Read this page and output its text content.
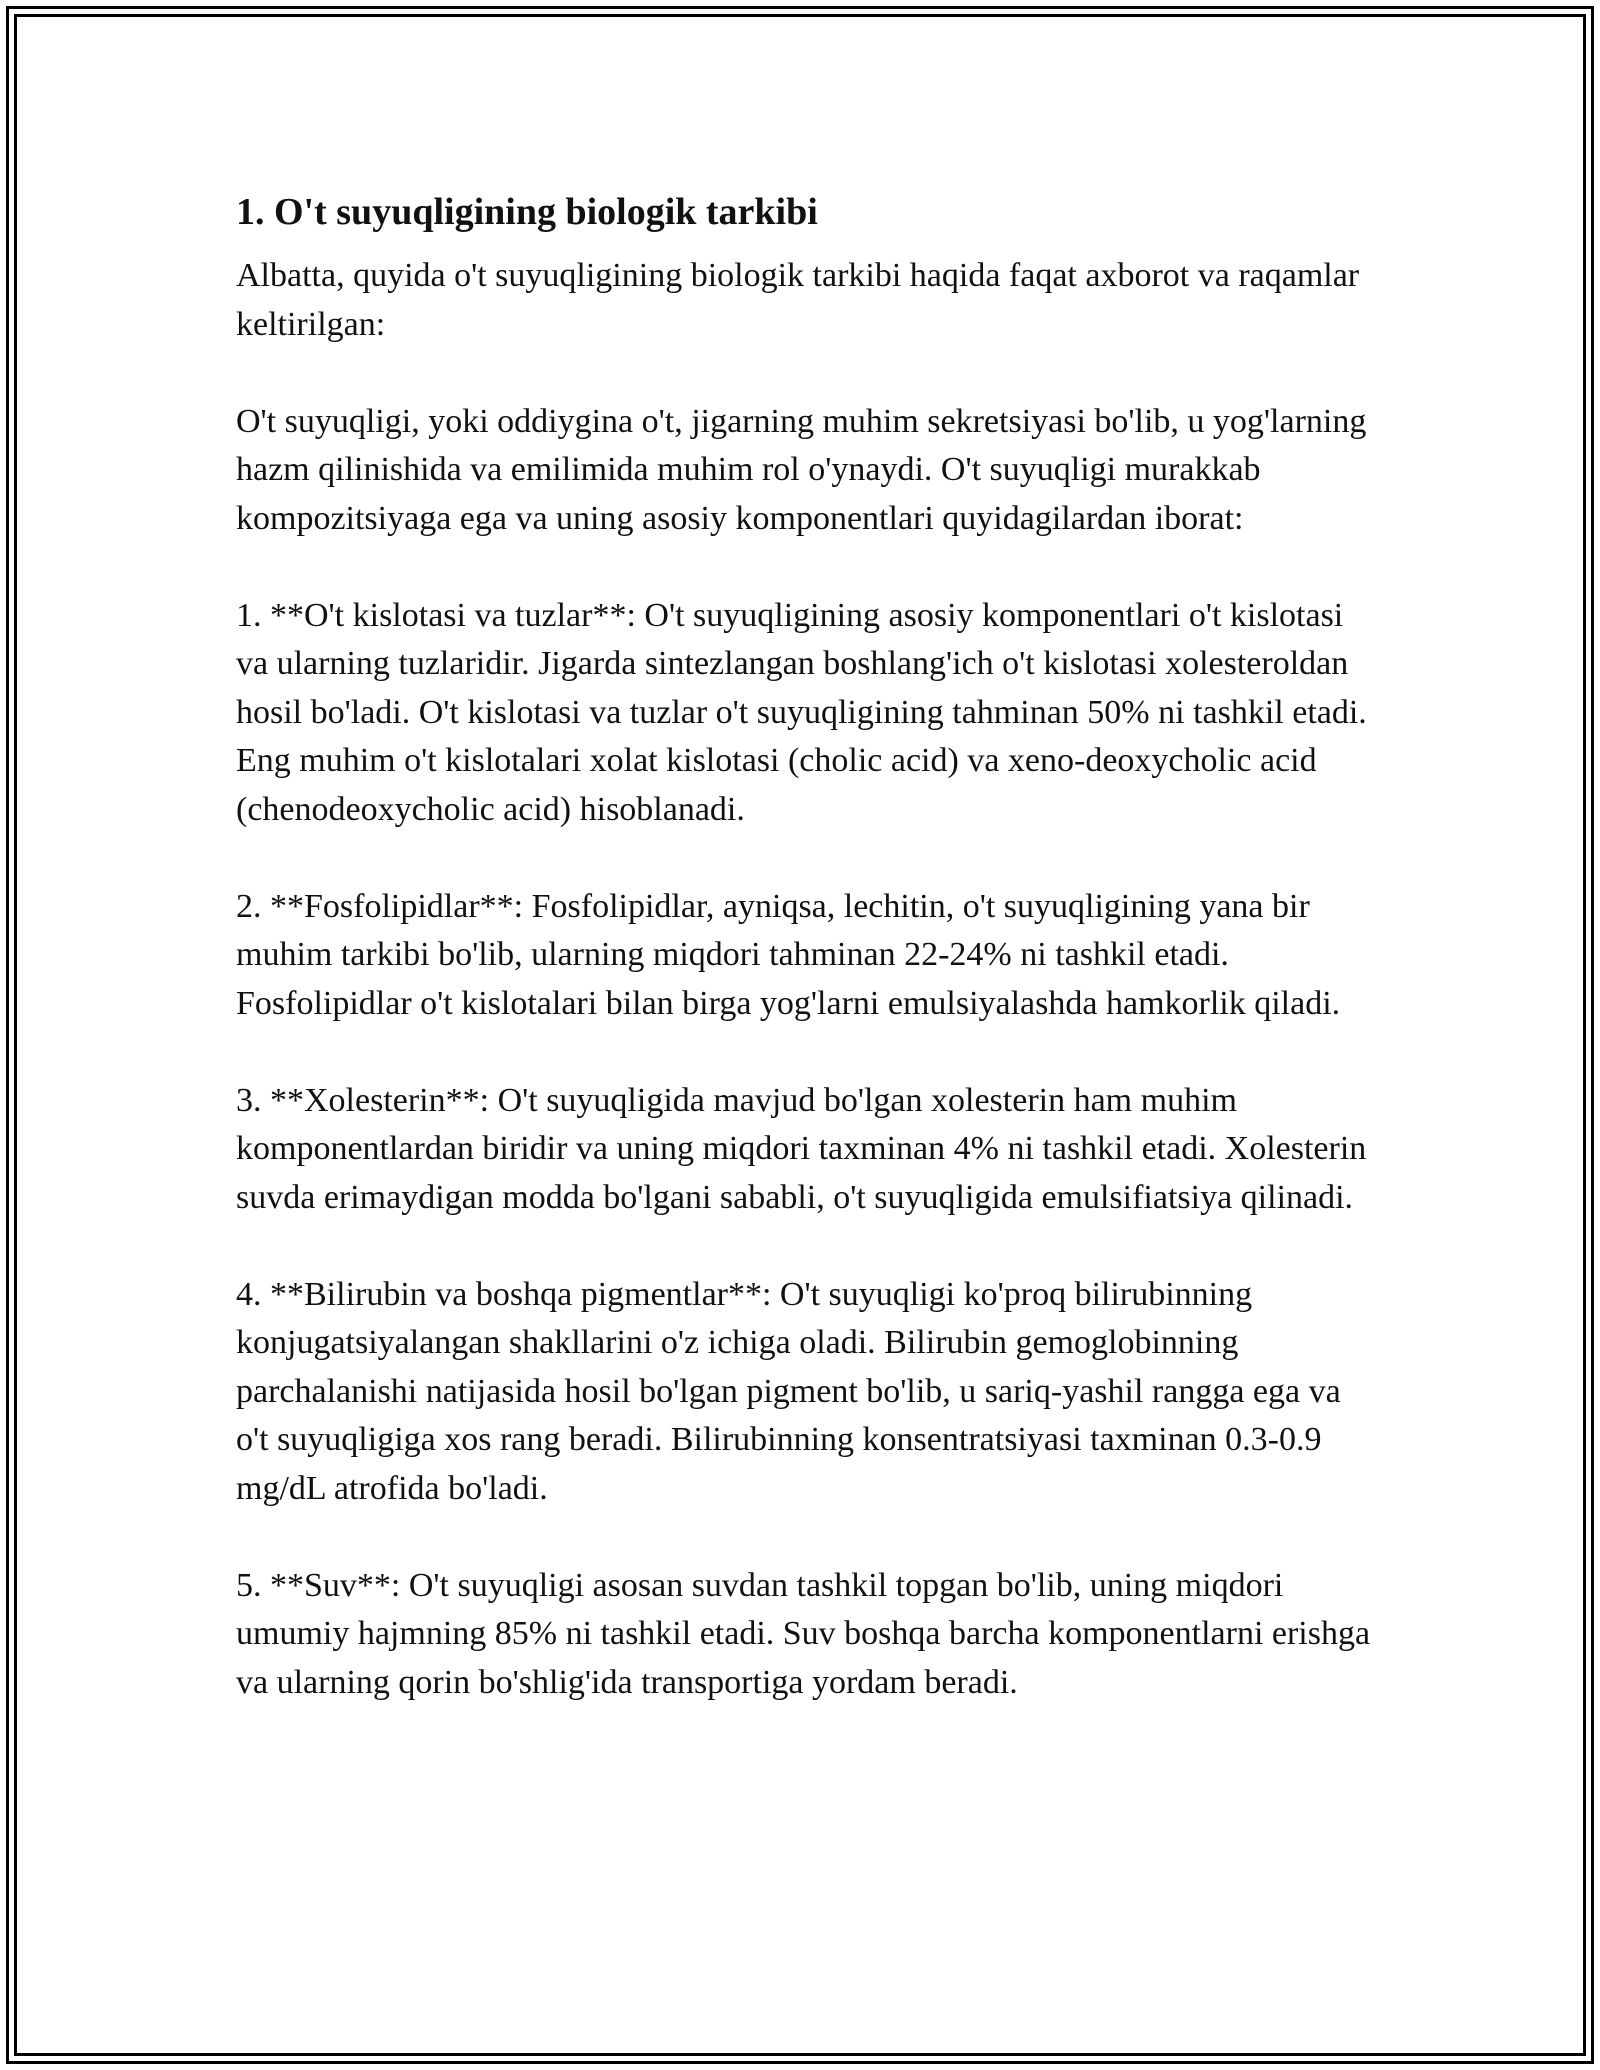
1. O't suyuqligining biologik tarkibi
Albatta, quyida o't suyuqligining biologik tarkibi haqida faqat axborot va raqamlar keltirilgan:
O't suyuqligi, yoki oddiygina o't, jigarning muhim sekretsiyasi bo'lib, u yog'larning hazm qilinishida va emilimida muhim rol o'ynaydi. O't suyuqligi murakkab kompozitsiyaga ega va uning asosiy komponentlari quyidagilardan iborat:
1. **O't kislotasi va tuzlar**: O't suyuqligining asosiy komponentlari o't kislotasi va ularning tuzlaridir. Jigarda sintezlangan boshlang'ich o't kislotasi xolesteroldan hosil bo'ladi. O't kislotasi va tuzlar o't suyuqligining tahminan 50% ni tashkil etadi. Eng muhim o't kislotalari xolat kislotasi (cholic acid) va xeno-deoxycholic acid (chenodeoxycholic acid) hisoblanadi.
2. **Fosfolipidlar**: Fosfolipidlar, ayniqsa, lechitin, o't suyuqligining yana bir muhim tarkibi bo'lib, ularning miqdori tahminan 22-24% ni tashkil etadi. Fosfolipidlar o't kislotalari bilan birga yog'larni emulsiyalashda hamkorlik qiladi.
3. **Xolesterin**: O't suyuqligida mavjud bo'lgan xolesterin ham muhim komponentlardan biridir va uning miqdori taxminan 4% ni tashkil etadi. Xolesterin suvda erimaydigan modda bo'lgani sababli, o't suyuqligida emulsifiatsiya qilinadi.
4. **Bilirubin va boshqa pigmentlar**: O't suyuqligi ko'proq bilirubinning konjugatsiyalangan shakllarini o'z ichiga oladi. Bilirubin gemoglobinning parchalanishi natijasida hosil bo'lgan pigment bo'lib, u sariq-yashil rangga ega va o't suyuqligiga xos rang beradi. Bilirubinning konsentratsiyasi taxminan 0.3-0.9 mg/dL atrofida bo'ladi.
5. **Suv**: O't suyuqligi asosan suvdan tashkil topgan bo'lib, uning miqdori umumiy hajmning 85% ni tashkil etadi. Suv boshqa barcha komponentlarni erishga va ularning qorin bo'shlig'ida transportiga yordam beradi.
